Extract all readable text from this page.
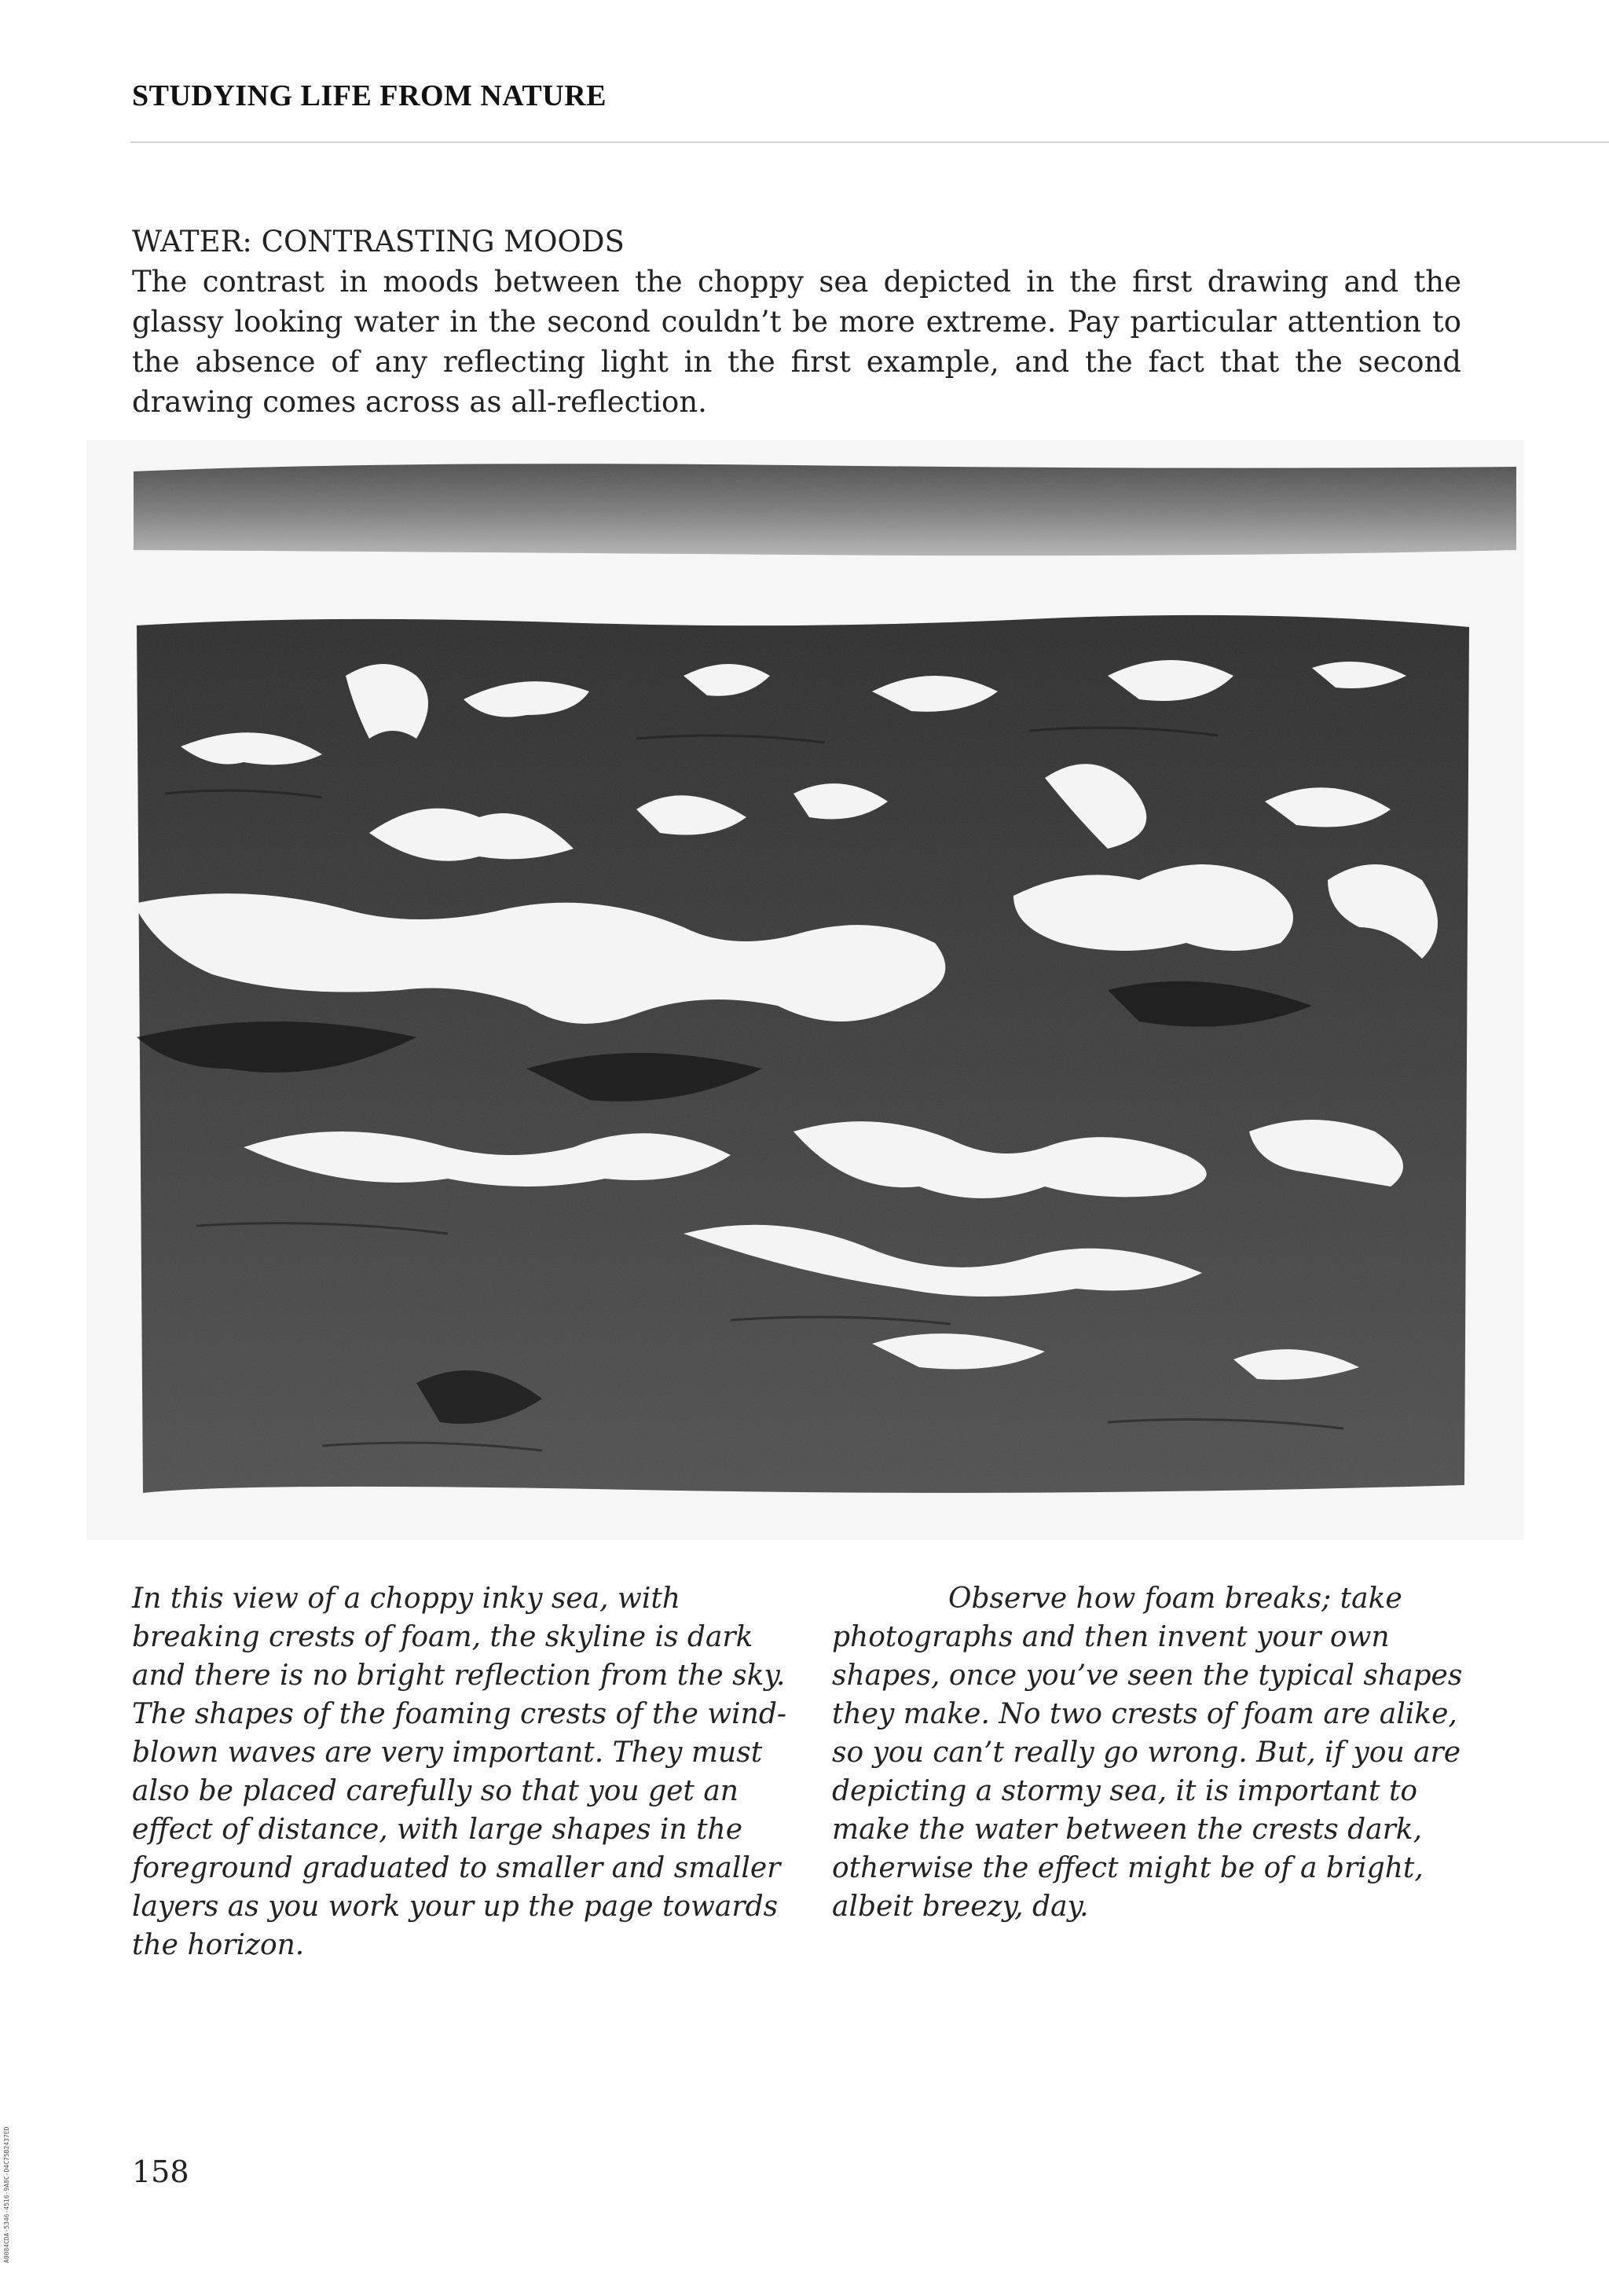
STUDYING LIFE FROM NATURE
WATER: CONTRASTING MOODS
The contrast in moods between the choppy sea depicted in the first drawing and the glassy looking water in the second couldn’t be more extreme. Pay particular attention to the absence of any reflecting light in the first example, and the fact that the second drawing comes across as all-reflection.

In this view of a choppy inky sea, with breaking crests of foam, the skyline is dark and there is no bright reflection from the sky. The shapes of the foaming crests of the wind-blown waves are very important. They must also be placed carefully so that you get an effect of distance, with large shapes in the foreground graduated to smaller and smaller layers as you work your up the page towards the horizon.

Observe how foam breaks; take photographs and then invent your own shapes, once you’ve seen the typical shapes they make. No two crests of foam are alike, so you can’t really go wrong. But, if you are depicting a stormy sea, it is important to make the water between the crests dark, otherwise the effect might be of a bright, albeit breezy, day.

158
A0084CDA-5346-4516-9A8C-D4C75B2437ED
